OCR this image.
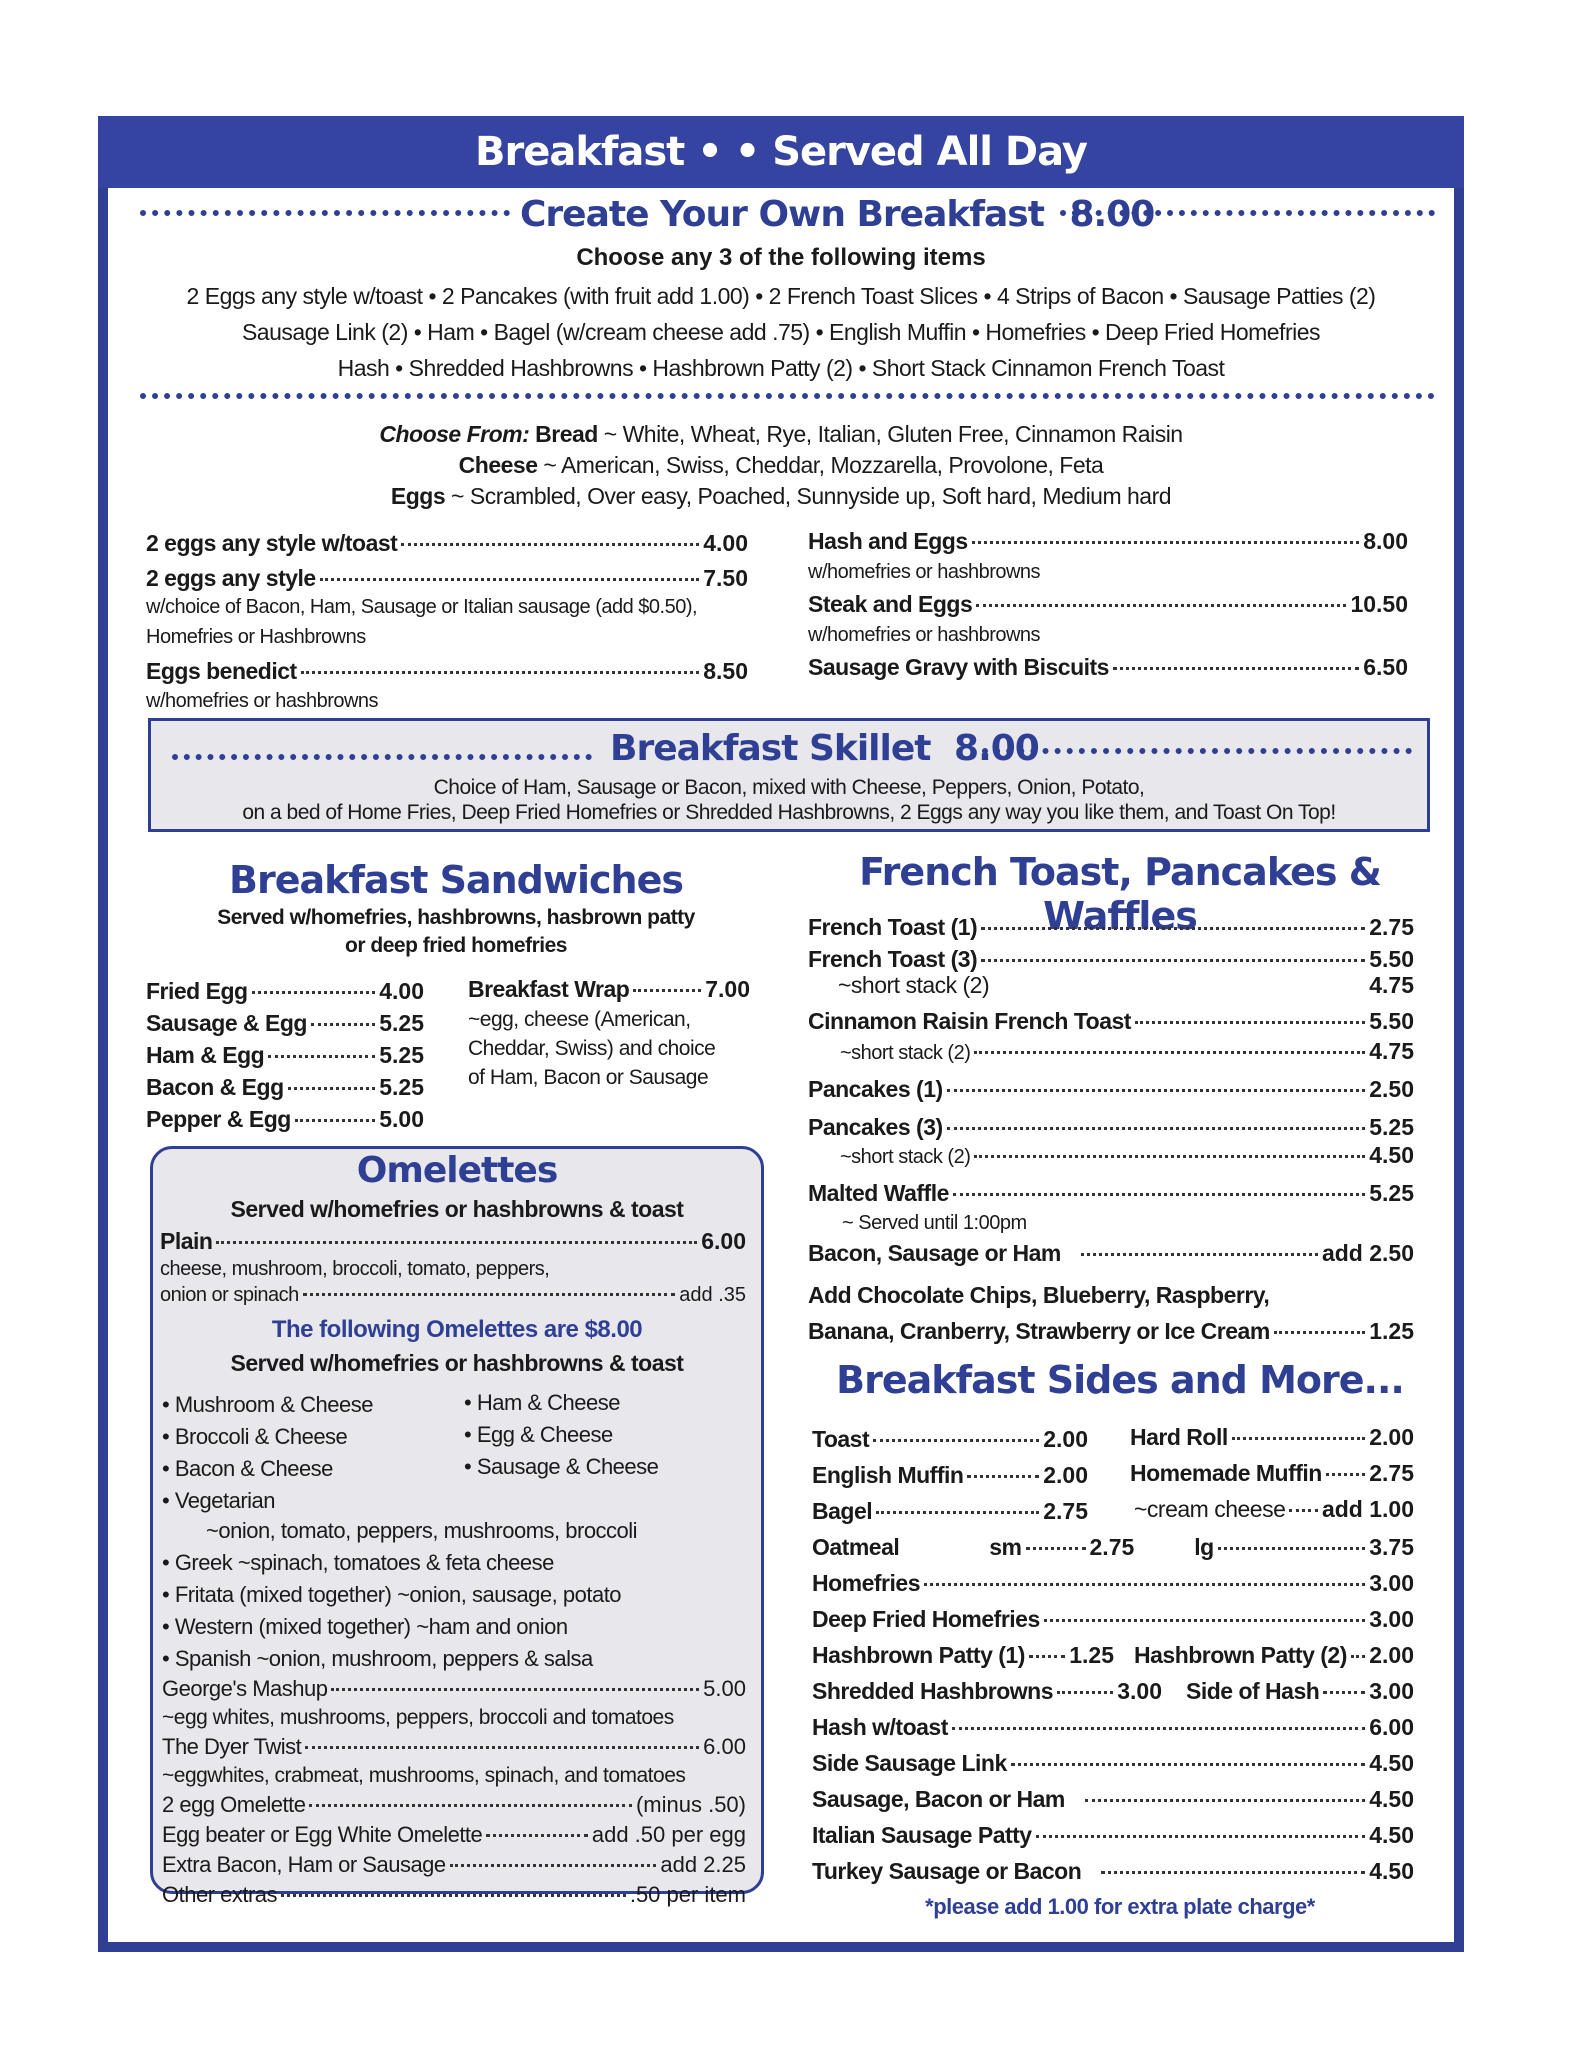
Breakfast • • Served All Day
Create Your Own Breakfast 8.00
Choose any 3 of the following items
2 Eggs any style w/toast • 2 Pancakes (with fruit add 1.00) • 2 French Toast Slices • 4 Strips of Bacon • Sausage Patties (2)
Sausage Link (2) • Ham • Bagel (w/cream cheese add .75) • English Muffin • Homefries • Deep Fried Homefries
Hash • Shredded Hashbrowns • Hashbrown Patty (2) • Short Stack Cinnamon French Toast
Choose From: Bread ~ White, Wheat, Rye, Italian, Gluten Free, Cinnamon Raisin
Cheese ~ American, Swiss, Cheddar, Mozzarella, Provolone, Feta
Eggs ~ Scrambled, Over easy, Poached, Sunnyside up, Soft hard, Medium hard
2 eggs any style w/toast	4.00
2 eggs any style	7.50
w/choice of Bacon, Ham, Sausage or Italian sausage (add $0.50),
Homefries or Hashbrowns
Eggs benedict	8.50
w/homefries or hashbrowns
Hash and Eggs	8.00
w/homefries or hashbrowns
Steak and Eggs	10.50
w/homefries or hashbrowns
Sausage Gravy with Biscuits	6.50
Breakfast Skillet 8.00
Choice of Ham, Sausage or Bacon, mixed with Cheese, Peppers, Onion, Potato,
on a bed of Home Fries, Deep Fried Homefries or Shredded Hashbrowns, 2 Eggs any way you like them, and Toast On Top!
Breakfast Sandwiches
Served w/homefries, hashbrowns, hasbrown patty
or deep fried homefries
Fried Egg	4.00
Sausage & Egg	5.25
Ham & Egg	5.25
Bacon & Egg	5.25
Pepper & Egg	5.00
Breakfast Wrap	7.00
~egg, cheese (American,
Cheddar, Swiss) and choice
of Ham, Bacon or Sausage
Omelettes
Served w/homefries or hashbrowns & toast
Plain	6.00
cheese, mushroom, broccoli, tomato, peppers,
onion or spinach	add .35
The following Omelettes are $8.00
Served w/homefries or hashbrowns & toast
• Mushroom & Cheese
• Broccoli & Cheese
• Bacon & Cheese
• Vegetarian
• Ham & Cheese
• Egg & Cheese
• Sausage & Cheese
~onion, tomato, peppers, mushrooms, broccoli
• Greek ~spinach, tomatoes & feta cheese
• Fritata (mixed together) ~onion, sausage, potato
• Western (mixed together) ~ham and onion
• Spanish ~onion, mushroom, peppers & salsa
George's Mashup	5.00
~egg whites, mushrooms, peppers, broccoli and tomatoes
The Dyer Twist	6.00
~eggwhites, crabmeat, mushrooms, spinach, and tomatoes
2 egg Omelette	(minus .50)
Egg beater or Egg White Omelette	add .50 per egg
Extra Bacon, Ham or Sausage	add 2.25
Other extras	.50 per item
French Toast, Pancakes & Waffles
French Toast (1)	2.75
French Toast (3)	5.50
~short stack (2)	4.75
Cinnamon Raisin French Toast	5.50
~short stack (2)	4.75
Pancakes (1)	2.50
Pancakes (3)	5.25
~short stack (2)	4.50
Malted Waffle	5.25
~ Served until 1:00pm
Bacon, Sausage or Ham	add 2.50
Add Chocolate Chips, Blueberry, Raspberry,
Banana, Cranberry, Strawberry or Ice Cream	1.25
Breakfast Sides and More...
Toast	2.00 Hard Roll	2.00
English Muffin	2.00 Homemade Muffin 2.75
Bagel	2.75 ~cream cheese add 1.00
Oatmeal	sm	2.75	lg	3.75
Homefries	3.00
Deep Fried Homefries	3.00
Hashbrown Patty (1) 1.25 Hashbrown Patty (2) 2.00
Shredded Hashbrowns	3.00 Side of Hash 3.00
Hash w/toast	6.00
Side Sausage Link	4.50
Sausage, Bacon or Ham	4.50
Italian Sausage Patty	4.50
Turkey Sausage or Bacon	4.50
*please add 1.00 for extra plate charge*
